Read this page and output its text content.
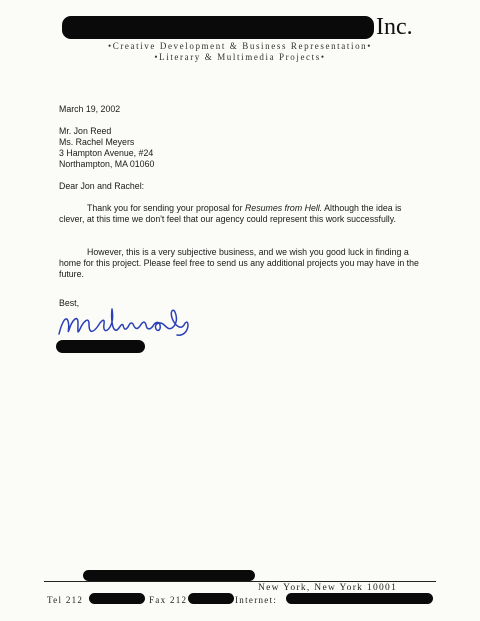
Inc.
•Creative Development & Business Representation•
•Literary & Multimedia Projects•
March 19, 2002
Mr. Jon Reed
Ms. Rachel Meyers
3 Hampton Avenue, #24
Northampton, MA 01060
Dear Jon and Rachel:
Thank you for sending your proposal for Resumes from Hell. Although the idea is clever, at this time we don't feel that our agency could represent this work successfully.
However, this is a very subjective business, and we wish you good luck in finding a home for this project. Please feel free to send us any additional projects you may have in the future.
Best,
New York, New York 10001
Tel 212	Fax 212	Internet:
